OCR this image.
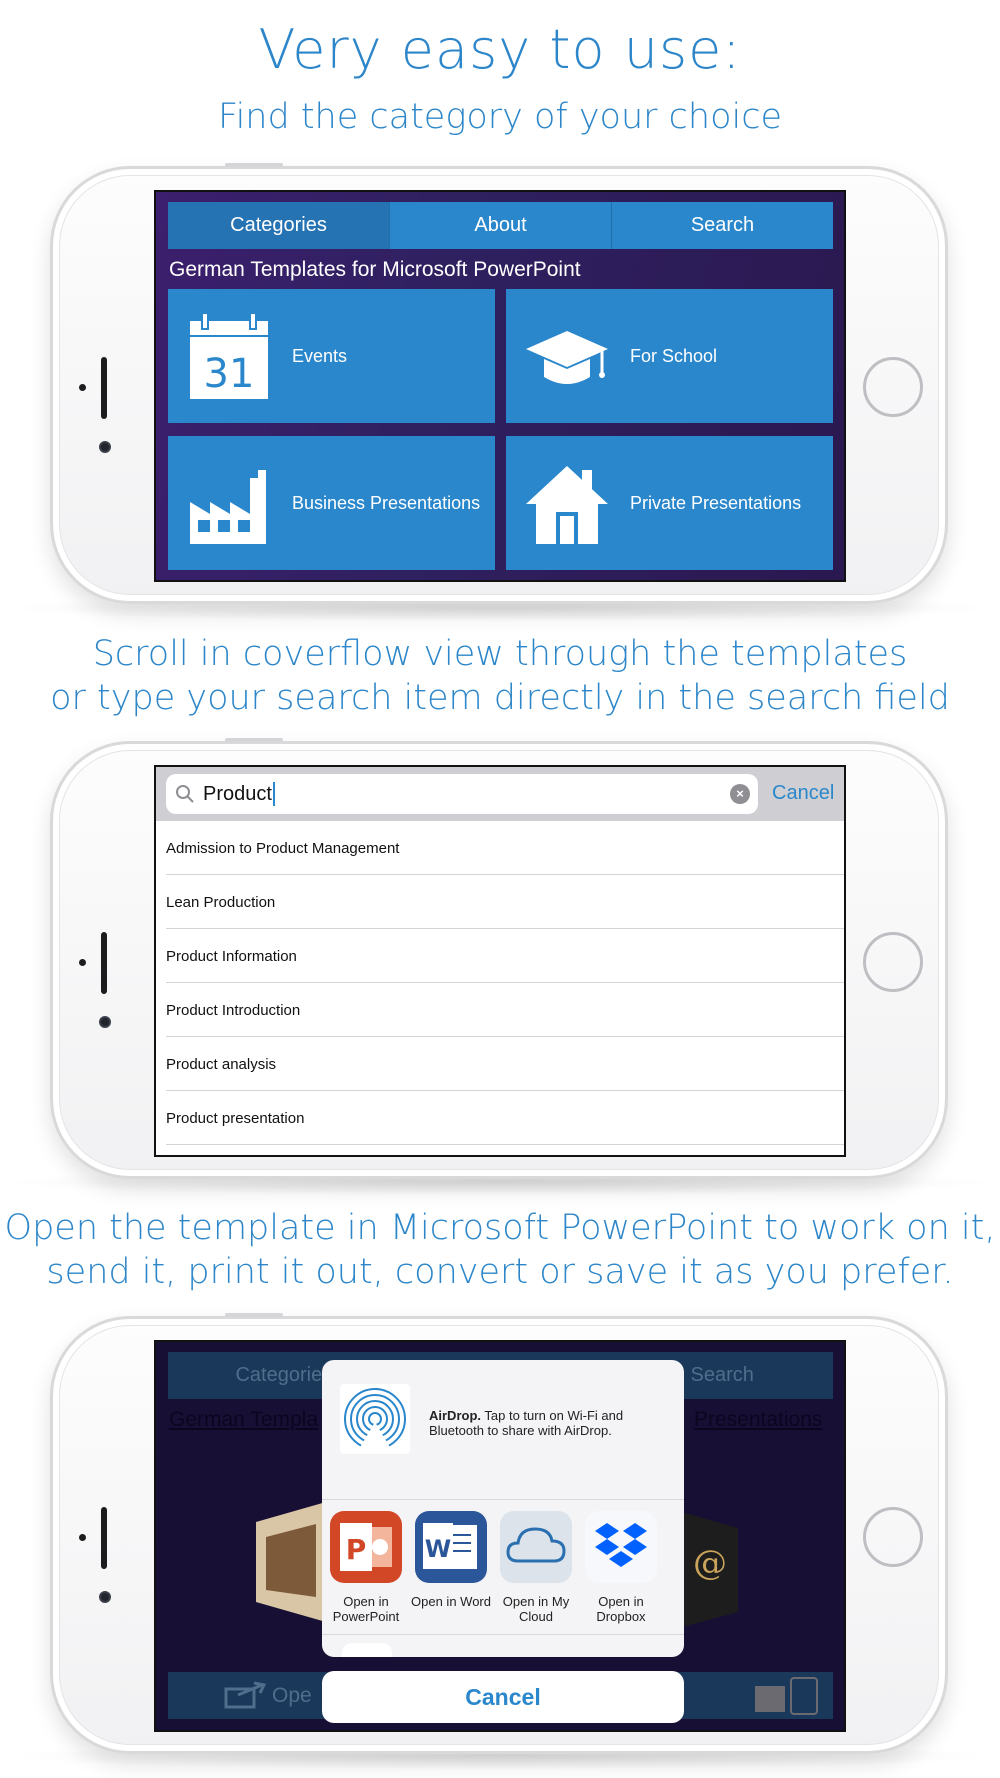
Very easy to use:
Find the category of your choice
Scroll in coverflow view through the templates
or type your search item directly in the search field
Open the template in Microsoft PowerPoint to work on it,
send it, print it out, convert or save it as you prefer.
Categories	About	Search
German Templates for Microsoft PowerPoint
31 Events	For School
Business Presentations	Private Presentations
Product	×	Cancel
Admission to Product Management
Lean Production
Product Information
Product Introduction
Product analysis
Product presentation
Categorie	Search
German Templa	Presentations
@
Ope
AirDrop. Tap to turn on Wi-Fi and Bluetooth to share with AirDrop.
P
Open in PowerPoint
W
Open in Word Open in My Cloud
Open in Dropbox
Cancel
